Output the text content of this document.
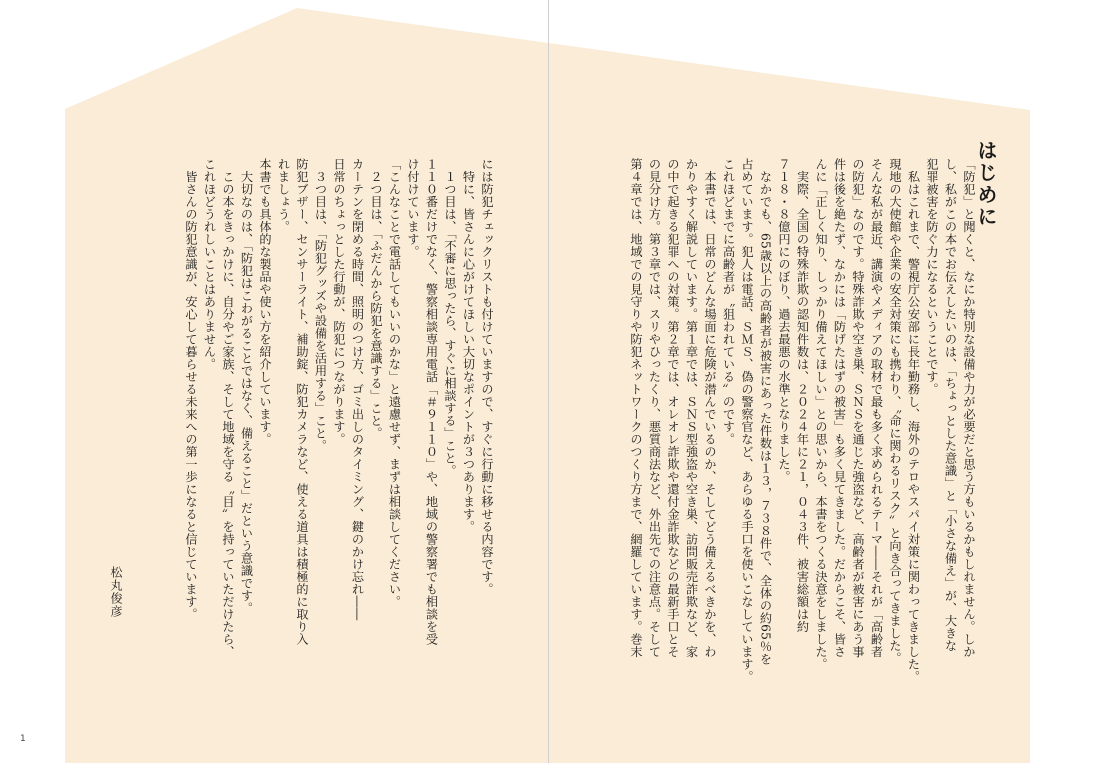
はじめに

「防犯」と聞くと、なにか特別な設備や力が必要だと思う方もいるかもしれません。しか

し、私がこの本でお伝えしたいのは、「ちょっとした意識」と「小さな備え」が、大きな

犯罪被害を防ぐ力になるということです。

　私はこれまで、警視庁公安部に長年勤務し、海外のテロやスパイ対策に関わってきました。

現地の大使館や企業の安全対策にも携わり、〝命に関わるリスク〟と向き合ってきました。

そんな私が最近、講演やメディアの取材で最も多く求められるテーマ――それが「高齢者

の防犯」なのです。特殊詐欺や空き巣、ＳＮＳを通じた強盗など、高齢者が被害にあう事

件は後を絶たず、なかには「防げたはずの被害」も多く見てきました。だからこそ、皆さ

んに「正しく知り、しっかり備えてほしい」との思いから、本書をつくる決意をしました。

　実際、全国の特殊詐欺の認知件数は、２０２４年に２１，０４３件、被害総額は約

７１８・８億円にのぼり、過去最悪の水準となりました。

　なかでも、65歳以上の高齢者が被害にあった件数は１３，７３８件で、全体の約65％を

占めています。犯人は電話、ＳＭＳ、偽の警察官など、あらゆる手口を使いこなしています。

これほどまでに高齢者が〝狙われている〟のです。

　本書では、日常のどんな場面に危険が潜んでいるのか、そしてどう備えるべきかを、わ

かりやすく解説しています。第１章では、ＳＮＳ型強盗や空き巣、訪問販売詐欺など、家

の中で起きる犯罪への対策。第２章では、オレオレ詐欺や還付金詐欺などの最新手口とそ

の見分け方。第３章では、スリやひったくり、悪質商法など、外出先での注意点。そして

第４章では、地域での見守りや防犯ネットワークのつくり方まで、網羅しています。巻末

には防犯チェックリストも付けていますので、すぐに行動に移せる内容です。

　特に、皆さんに心がけてほしい大切なポイントが３つあります。

　１つ目は、「不審に思ったら、すぐに相談する」こと。

１１０番だけでなく、警察相談専用電話「＃９１１０」や、地域の警察署でも相談を受

け付けています。

「こんなことで電話してもいいのかな」と遠慮せず、まずは相談してください。

　２つ目は、「ふだんから防犯を意識する」こと。

カーテンを閉める時間、照明のつけ方、ゴミ出しのタイミング、鍵のかけ忘れ――

日常のちょっとした行動が、防犯につながります。

　３つ目は、「防犯グッズや設備を活用する」こと。

防犯ブザー、センサーライト、補助錠、防犯カメラなど、使える道具は積極的に取り入

れましょう。

本書でも具体的な製品や使い方を紹介しています。

　大切なのは、「防犯はこわがることではなく、備えること」だという意識です。

　この本をきっかけに、自分やご家族、そして地域を守る〝目〟を持っていただけたら、

これほどうれしいことはありません。

　皆さんの防犯意識が、安心して暮らせる未来への第一歩になると信じています。

松丸俊彦
1
